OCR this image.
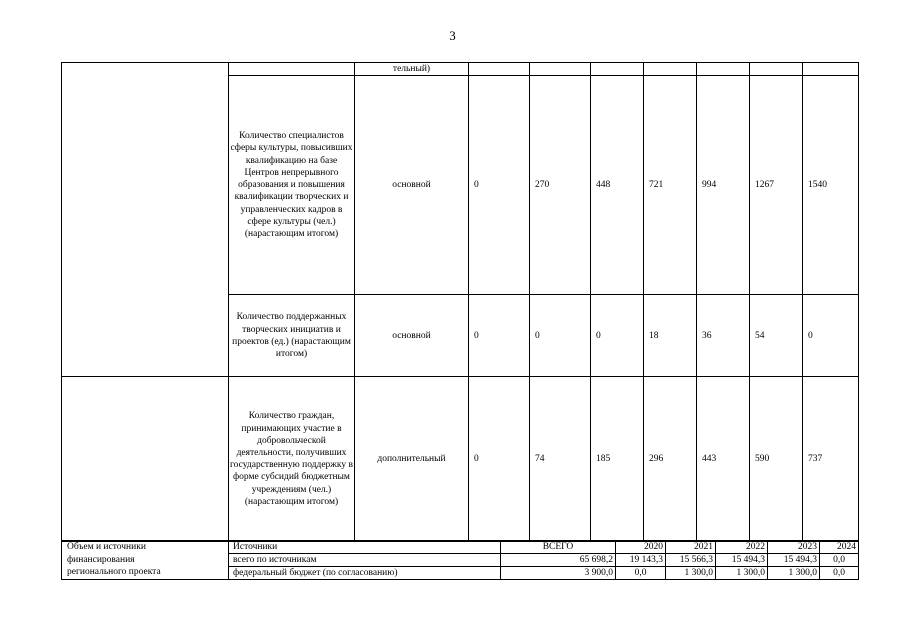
3
		тельный)							
	Количество специалистов сферы культуры, повысивших квалификацию на базе Центров непрерывного образования и повышения квалификации творческих и управленческих кадров в сфере культуры (чел.) (нарастающим итогом)	основной	0	270	448	721	994	1267	1540
	Количество поддержанных творческих инициатив и проектов (ед.) (нарастающим итогом)	основной	0	0	0	18	36	54	0
	Количество граждан, принимающих участие в добровольческой деятельности, получивших государственную поддержку в форме субсидий бюджетным учреждениям (чел.) (нарастающим итогом)	дополнительный	0	74	185	296	443	590	737
Объем и источники	Источники	ВСЕГО	2020	2021	2022	2023	2024
финансирования	всего по источникам	65 698,2	19 143,3	15 566,3	15 494,3	15 494,3	0,0
регионального проекта	федеральный бюджет (по согласованию)	3 900,0	0,0	1 300,0	1 300,0	1 300,0	0,0
